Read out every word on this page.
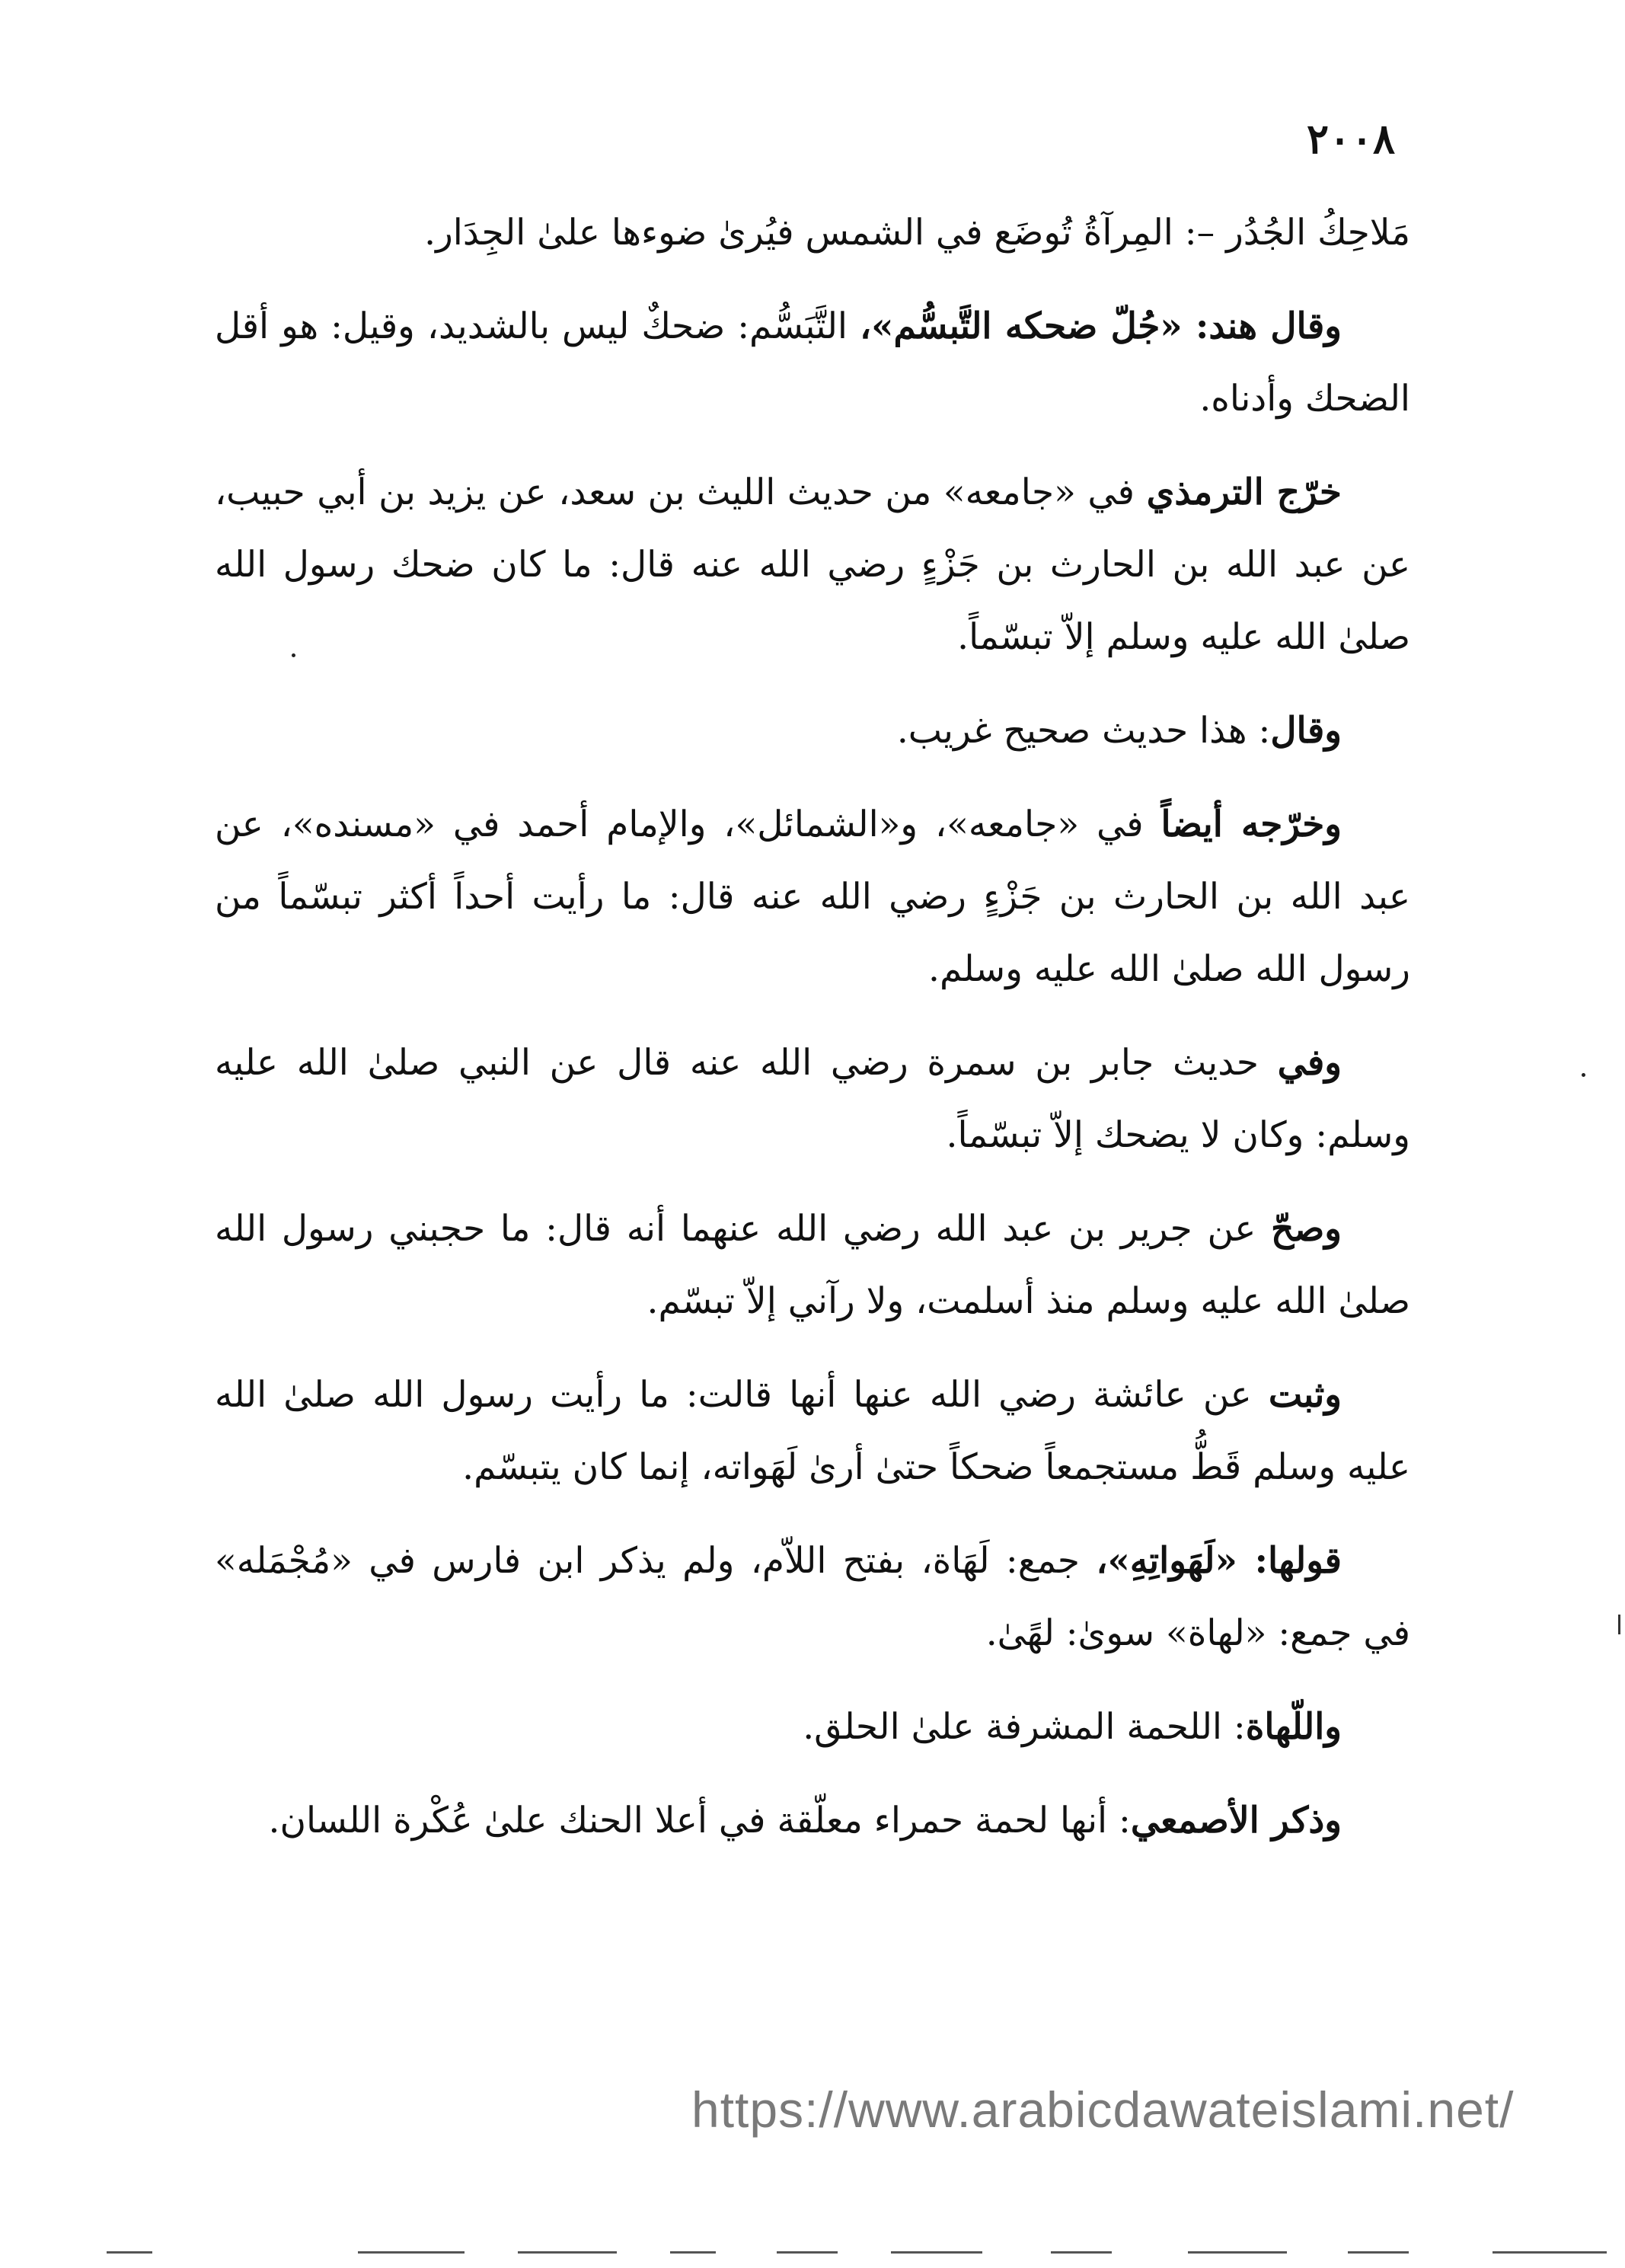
٢٠٠٨

مَلاحِكُ الجُدُر –: المِرآةُ تُوضَع في الشمس فيُرىٰ ضوءها علىٰ الجِدَار.

وقال هند: «جُلّ ضحكه التَّبسُّم»، التَّبَسُّم: ضحكٌ ليس بالشديد، وقيل: هو أقل الضحك وأدناه.

خرّج الترمذي في «جامعه» من حديث الليث بن سعد، عن يزيد بن أبي حبيب، عن عبد الله بن الحارث بن جَزْءٍ رضي الله عنه قال: ما كان ضحك رسول الله صلىٰ الله عليه وسلم إلاّ تبسّماً.

وقال: هذا حديث صحيح غريب.

وخرّجه أيضاً في «جامعه»، و«الشمائل»، والإمام أحمد في «مسنده»، عن عبد الله بن الحارث بن جَزْءٍ رضي الله عنه قال: ما رأيت أحداً أكثر تبسّماً من رسول الله صلىٰ الله عليه وسلم.

وفي حديث جابر بن سمرة رضي الله عنه قال عن النبي صلىٰ الله عليه وسلم: وكان لا يضحك إلاّ تبسّماً.

وصحّ عن جرير بن عبد الله رضي الله عنهما أنه قال: ما حجبني رسول الله صلىٰ الله عليه وسلم منذ أسلمت، ولا رآني إلاّ تبسّم.

وثبت عن عائشة رضي الله عنها أنها قالت: ما رأيت رسول الله صلىٰ الله عليه وسلم قَطُّ مستجمعاً ضحكاً حتىٰ أرىٰ لَهَواته، إنما كان يتبسّم.

قولها: «لَهَواتِهِ»، جمع: لَهَاة، بفتح اللاّم، ولم يذكر ابن فارس في «مُجْمَله» في جمع: «لهاة» سوىٰ: لهًىٰ.

واللّهاة: اللحمة المشرفة علىٰ الحلق.

وذكر الأصمعي: أنها لحمة حمراء معلّقة في أعلا الحنك علىٰ عُكْرة اللسان.

https://www.arabicdawateislami.net/
